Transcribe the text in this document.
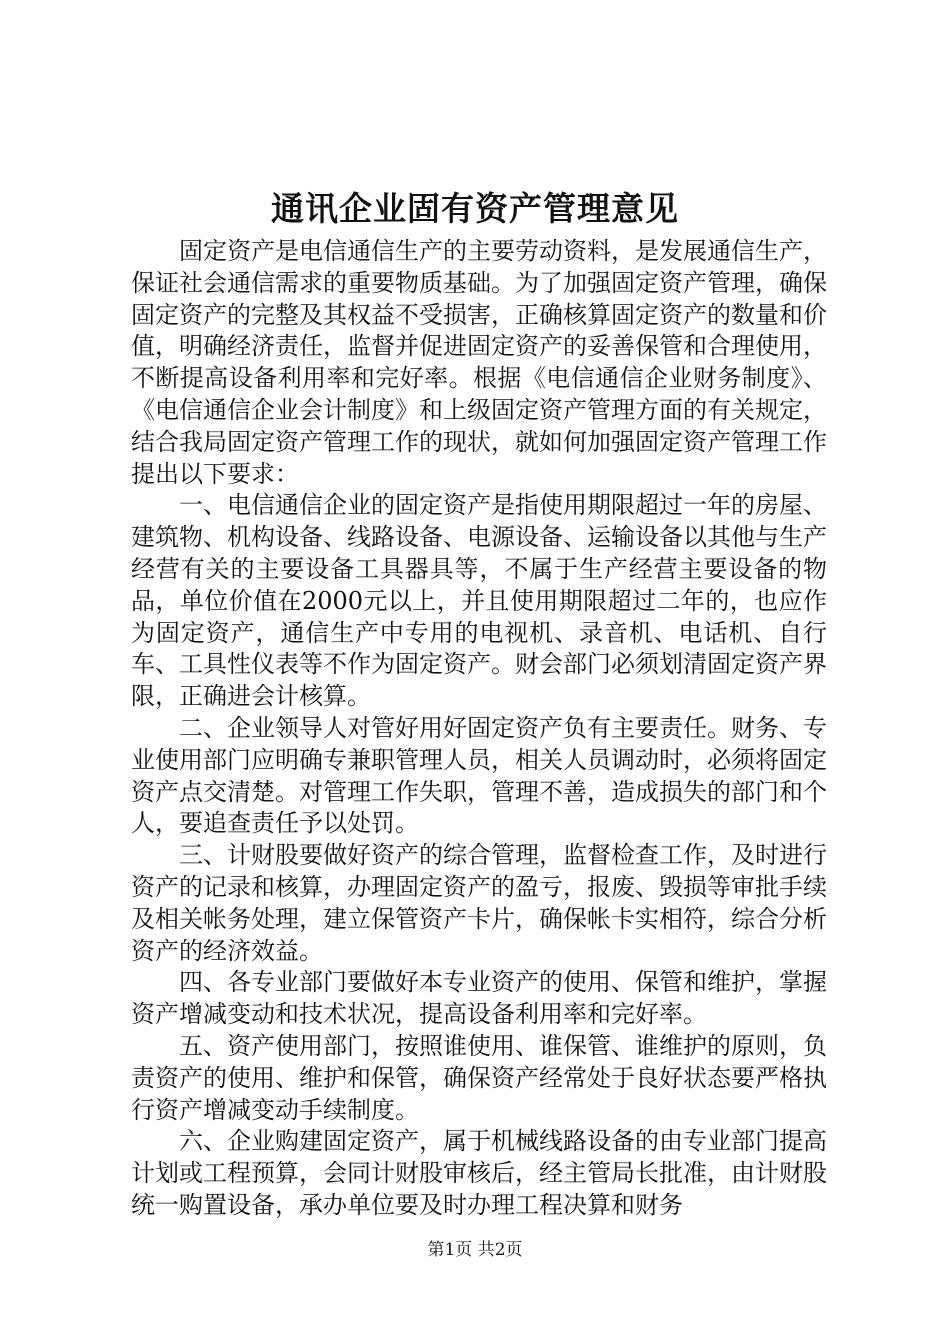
通讯企业固有资产管理意见

固定资产是电信通信生产的主要劳动资料，是发展通信生产，保证社会通信需求的重要物质基础。为了加强固定资产管理，确保固定资产的完整及其权益不受损害，正确核算固定资产的数量和价值，明确经济责任，监督并促进固定资产的妥善保管和合理使用，不断提高设备利用率和完好率。根据《电信通信企业财务制度》、《电信通信企业会计制度》和上级固定资产管理方面的有关规定，结合我局固定资产管理工作的现状，就如何加强固定资产管理工作提出以下要求：

一、电信通信企业的固定资产是指使用期限超过一年的房屋、建筑物、机构设备、线路设备、电源设备、运输设备以其他与生产经营有关的主要设备工具器具等，不属于生产经营主要设备的物品，单位价值在2000元以上，并且使用期限超过二年的，也应作为固定资产，通信生产中专用的电视机、录音机、电话机、自行车、工具性仪表等不作为固定资产。财会部门必须划清固定资产界限，正确进会计核算。

二、企业领导人对管好用好固定资产负有主要责任。财务、专业使用部门应明确专兼职管理人员，相关人员调动时，必须将固定资产点交清楚。对管理工作失职，管理不善，造成损失的部门和个人，要追查责任予以处罚。

三、计财股要做好资产的综合管理，监督检查工作，及时进行资产的记录和核算，办理固定资产的盈亏，报废、毁损等审批手续及相关帐务处理，建立保管资产卡片，确保帐卡实相符，综合分析资产的经济效益。

四、各专业部门要做好本专业资产的使用、保管和维护，掌握资产增减变动和技术状况，提高设备利用率和完好率。

五、资产使用部门，按照谁使用、谁保管、谁维护的原则，负责资产的使用、维护和保管，确保资产经常处于良好状态要严格执行资产增减变动手续制度。

六、企业购建固定资产，属于机械线路设备的由专业部门提高计划或工程预算，会同计财股审核后，经主管局长批准，由计财股统一购置设备，承办单位要及时办理工程决算和财务

第1页 共2页
